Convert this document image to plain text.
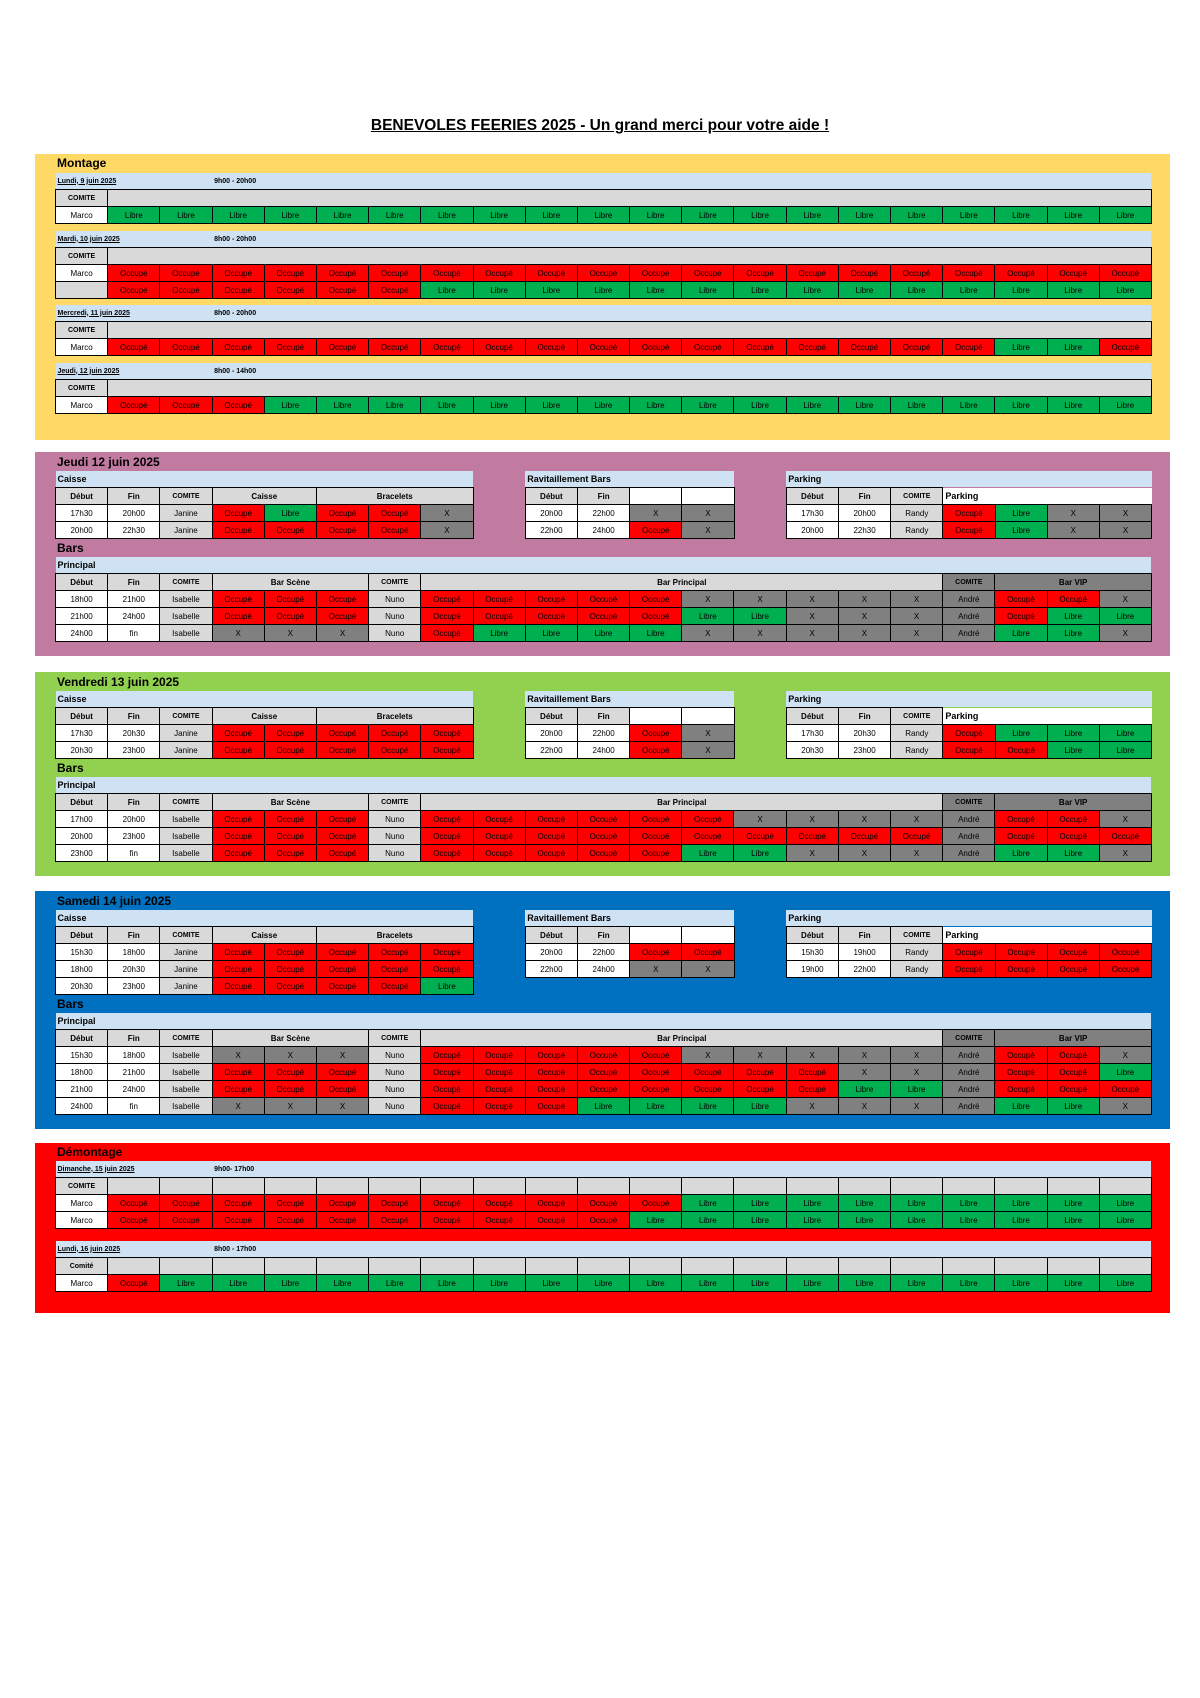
BENEVOLES FEERIES 2025 - Un grand merci pour votre aide !
Montage
Lundi, 9 juin 2025			9h00 - 20h00																	
COMITE																				
Marco	Libre	Libre	Libre	Libre	Libre	Libre	Libre	Libre	Libre	Libre	Libre	Libre	Libre	Libre	Libre	Libre	Libre	Libre	Libre	Libre
Mardi, 10 juin 2025			8h00 - 20h00																	
COMITE																				
Marco	Occupé	Occupé	Occupé	Occupé	Occupé	Occupé	Occupé	Occupé	Occupé	Occupé	Occupé	Occupé	Occupé	Occupé	Occupé	Occupé	Occupé	Occupé	Occupé	Occupé
	Occupé	Occupé	Occupé	Occupé	Occupé	Occupé	Libre	Libre	Libre	Libre	Libre	Libre	Libre	Libre	Libre	Libre	Libre	Libre	Libre	Libre
Mercredi, 11 juin 2025			8h00 - 20h00																	
COMITE																				
Marco	Occupé	Occupé	Occupé	Occupé	Occupé	Occupé	Occupé	Occupé	Occupé	Occupé	Occupé	Occupé	Occupé	Occupé	Occupé	Occupé	Occupé	Libre	Libre	Occupé
Jeudi, 12 juin 2025			8h00 - 14h00																	
COMITE																				
Marco	Occupé	Occupé	Occupé	Libre	Libre	Libre	Libre	Libre	Libre	Libre	Libre	Libre	Libre	Libre	Libre	Libre	Libre	Libre	Libre	Libre
Jeudi 12 juin 2025
Caisse							
Début	Fin	COMITE	Caisse		Bracelets		
17h30	20h00	Janine	Occupé	Libre	Occupé	Occupé	X
20h00	22h30	Janine	Occupé	Occupé	Occupé	Occupé	X
Ravitaillement Bars			
Début	Fin		
20h00	22h00	X	X
22h00	24h00	Occupé	X
Parking						
Début	Fin	COMITE	Parking			
17h30	20h00	Randy	Occupé	Libre	X	X
20h00	22h30	Randy	Occupé	Libre	X	X
Bars
Principal																				
Début	Fin	COMITE	Bar Scène			COMITE	Bar Principal										COMITE	Bar VIP		
18h00	21h00	Isabelle	Occupé	Occupé	Occupé	Nuno	Occupé	Occupé	Occupé	Occupé	Occupé	X	X	X	X	X	André	Occupé	Occupé	X
21h00	24h00	Isabelle	Occupé	Occupé	Occupé	Nuno	Occupé	Occupé	Occupé	Occupé	Occupé	Libre	Libre	X	X	X	André	Occupé	Libre	Libre
24h00	fin	Isabelle	X	X	X	Nuno	Occupé	Libre	Libre	Libre	Libre	X	X	X	X	X	André	Libre	Libre	X
Vendredi 13 juin 2025
Caisse							
Début	Fin	COMITE	Caisse		Bracelets		
17h30	20h30	Janine	Occupé	Occupé	Occupé	Occupé	Occupé
20h30	23h00	Janine	Occupé	Occupé	Occupé	Occupé	Occupé
Ravitaillement Bars			
Début	Fin		
20h00	22h00	Occupé	X
22h00	24h00	Occupé	X
Parking						
Début	Fin	COMITE	Parking			
17h30	20h30	Randy	Occupé	Libre	Libre	Libre
20h30	23h00	Randy	Occupé	Occupé	Libre	Libre
Bars
Principal																				
Début	Fin	COMITE	Bar Scène			COMITE	Bar Principal										COMITE	Bar VIP		
17h00	20h00	Isabelle	Occupé	Occupé	Occupé	Nuno	Occupé	Occupé	Occupé	Occupé	Occupé	Occupé	X	X	X	X	André	Occupé	Occupé	X
20h00	23h00	Isabelle	Occupé	Occupé	Occupé	Nuno	Occupé	Occupé	Occupé	Occupé	Occupé	Occupé	Occupé	Occupé	Occupé	Occupé	André	Occupé	Occupé	Occupé
23h00	fin	Isabelle	Occupé	Occupé	Occupé	Nuno	Occupé	Occupé	Occupé	Occupé	Occupé	Libre	Libre	X	X	X	André	Libre	Libre	X
Samedi 14 juin 2025
Caisse							
Début	Fin	COMITE	Caisse		Bracelets		
15h30	18h00	Janine	Occupé	Occupé	Occupé	Occupé	Occupé
18h00	20h30	Janine	Occupé	Occupé	Occupé	Occupé	Occupé
20h30	23h00	Janine	Occupé	Occupé	Occupé	Occupé	Libre
Ravitaillement Bars			
Début	Fin		
20h00	22h00	Occupé	Occupé
22h00	24h00	X	X
Parking						
Début	Fin	COMITE	Parking			
15h30	19h00	Randy	Occupé	Occupé	Occupé	Occupé
19h00	22h00	Randy	Occupé	Occupé	Occupé	Occupé
Bars
Principal																				
Début	Fin	COMITE	Bar Scène			COMITE	Bar Principal										COMITE	Bar VIP		
15h30	18h00	Isabelle	X	X	X	Nuno	Occupé	Occupé	Occupé	Occupé	Occupé	X	X	X	X	X	André	Occupé	Occupé	X
18h00	21h00	Isabelle	Occupé	Occupé	Occupé	Nuno	Occupé	Occupé	Occupé	Occupé	Occupé	Occupé	Occupé	Occupé	X	X	André	Occupé	Occupé	Libre
21h00	24h00	Isabelle	Occupé	Occupé	Occupé	Nuno	Occupé	Occupé	Occupé	Occupé	Occupé	Occupé	Occupé	Occupé	Libre	Libre	André	Occupé	Occupé	Occupé
24h00	fin	Isabelle	X	X	X	Nuno	Occupé	Occupé	Occupé	Libre	Libre	Libre	Libre	X	X	X	André	Libre	Libre	X
Démontage
Dimanche, 15 juin 2025			9h00- 17h00																	
COMITE																				
Marco	Occupé	Occupé	Occupé	Occupé	Occupé	Occupé	Occupé	Occupé	Occupé	Occupé	Occupé	Libre	Libre	Libre	Libre	Libre	Libre	Libre	Libre	Libre
Marco	Occupé	Occupé	Occupé	Occupé	Occupé	Occupé	Occupé	Occupé	Occupé	Occupé	Libre	Libre	Libre	Libre	Libre	Libre	Libre	Libre	Libre	Libre
Lundi, 16 juin 2025			8h00 - 17h00																	
Comité																				
Marco	Occupé	Libre	Libre	Libre	Libre	Libre	Libre	Libre	Libre	Libre	Libre	Libre	Libre	Libre	Libre	Libre	Libre	Libre	Libre	Libre
